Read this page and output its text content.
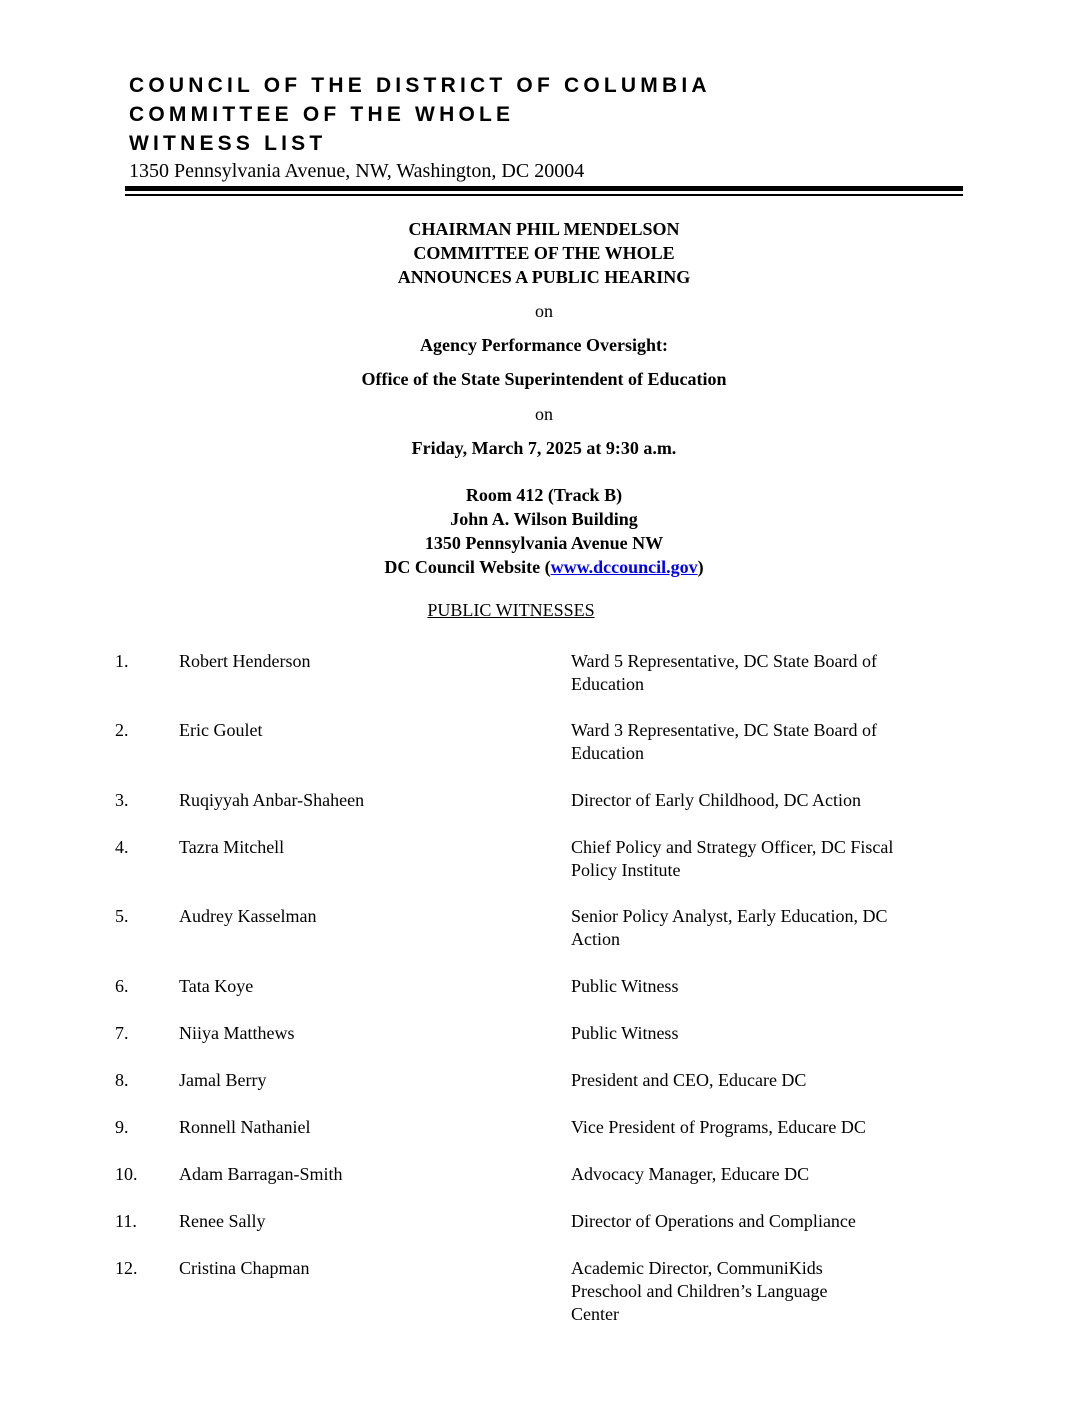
COUNCIL OF THE DISTRICT OF COLUMBIA
COMMITTEE OF THE WHOLE
WITNESS LIST
1350 Pennsylvania Avenue, NW, Washington, DC 20004
CHAIRMAN PHIL MENDELSON
COMMITTEE OF THE WHOLE
ANNOUNCES A PUBLIC HEARING
on
Agency Performance Oversight:
Office of the State Superintendent of Education
on
Friday, March 7, 2025 at 9:30 a.m.
Room 412 (Track B)
John A. Wilson Building
1350 Pennsylvania Avenue NW
DC Council Website (www.dccouncil.gov)
PUBLIC WITNESSES
1.	Robert Henderson	Ward 5 Representative, DC State Board of Education
2.	Eric Goulet	Ward 3 Representative, DC State Board of Education
3.	Ruqiyyah Anbar-Shaheen	Director of Early Childhood, DC Action
4.	Tazra Mitchell	Chief Policy and Strategy Officer, DC Fiscal Policy Institute
5.	Audrey Kasselman	Senior Policy Analyst, Early Education, DC Action
6.	Tata Koye	Public Witness
7.	Niiya Matthews	Public Witness
8.	Jamal Berry	President and CEO, Educare DC
9.	Ronnell Nathaniel	Vice President of Programs, Educare DC
10. Adam Barragan-Smith	Advocacy Manager, Educare DC
11. Renee Sally	Director of Operations and Compliance
12. Cristina Chapman	Academic Director, CommuniKids Preschool and Children’s Language Center
